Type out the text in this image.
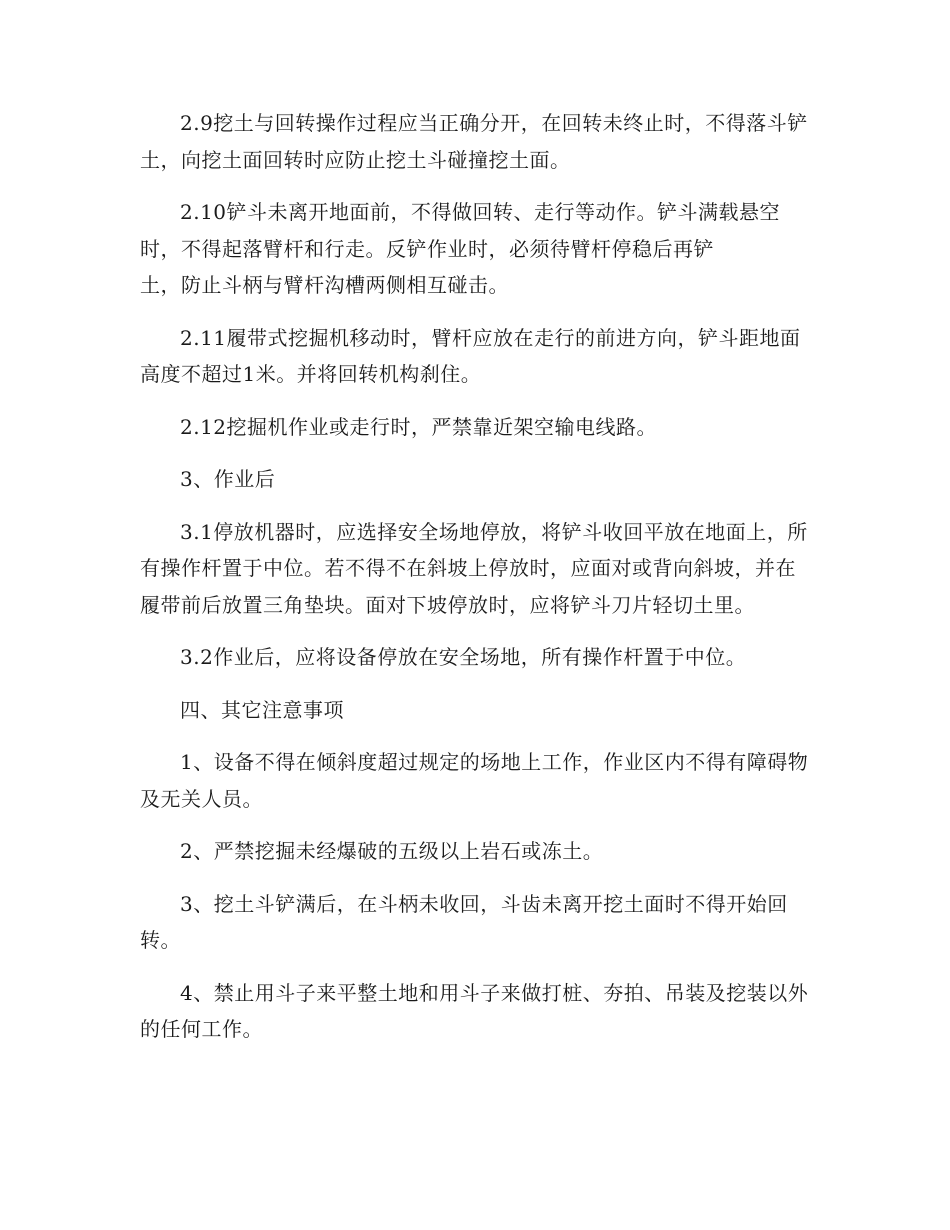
2.9挖土与回转操作过程应当正确分开，在回转未终止时，不得落斗铲土，向挖土面回转时应防止挖土斗碰撞挖土面。

2.10铲斗未离开地面前，不得做回转、走行等动作。铲斗满载悬空时，不得起落臂杆和行走。反铲作业时，必须待臂杆停稳后再铲
土，防止斗柄与臂杆沟槽两侧相互碰击。

2.11履带式挖掘机移动时，臂杆应放在走行的前进方向，铲斗距地面高度不超过1米。并将回转机构刹住。

2.12挖掘机作业或走行时，严禁靠近架空输电线路。

3、作业后

3.1停放机器时，应选择安全场地停放，将铲斗收回平放在地面上，所有操作杆置于中位。若不得不在斜坡上停放时，应面对或背向斜坡，并在履带前后放置三角垫块。面对下坡停放时，应将铲斗刀片轻切土里。

3.2作业后，应将设备停放在安全场地，所有操作杆置于中位。

四、其它注意事项

1、设备不得在倾斜度超过规定的场地上工作，作业区内不得有障碍物及无关人员。

2、严禁挖掘未经爆破的五级以上岩石或冻土。

3、挖土斗铲满后，在斗柄未收回，斗齿未离开挖土面时不得开始回转。

4、禁止用斗子来平整土地和用斗子来做打桩、夯拍、吊装及挖装以外的任何工作。
